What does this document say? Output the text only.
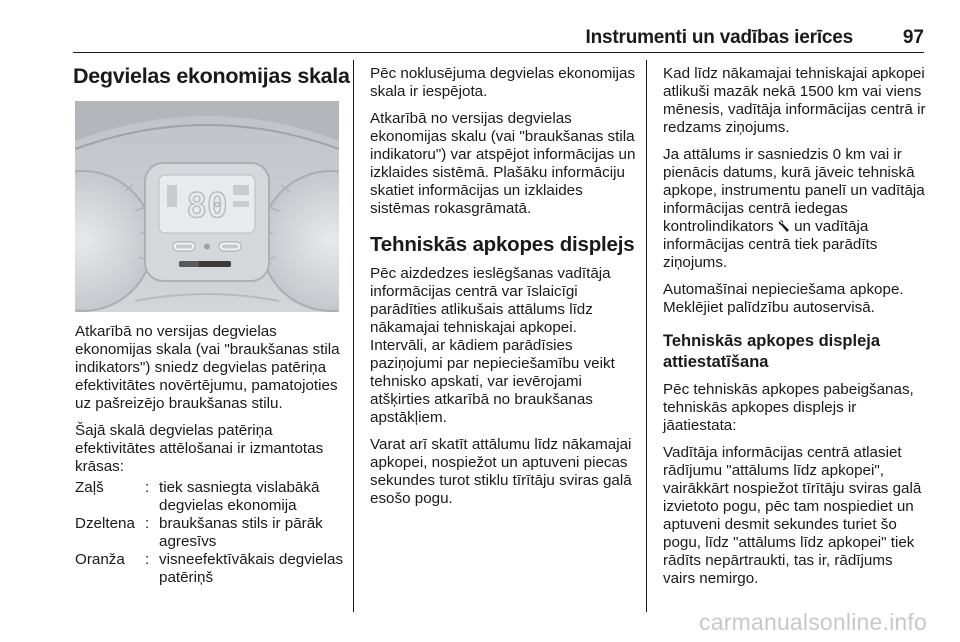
Instrumenti un vadības ierīces	97
Degvielas ekonomijas skala
80

Atkarībā no versijas degvielas ekonomijas skala (vai "braukšanas stila indikators") sniedz degvielas patēriņa efektivitātes novērtējumu, pamatojoties uz pašreizējo braukšanas stilu.

Šajā skalā degvielas patēriņa efektivitātes attēlošanai ir izmantotas krāsas:

Zaļš	: tiek sasniegta vislabākā degvielas ekonomija
Dzeltena : braukšanas stils ir pārāk agresīvs
Oranža	: visneefektīvākais degvielas patēriņš

Pēc noklusējuma degvielas ekonomijas skala ir iespējota.

Atkarībā no versijas degvielas ekonomijas skalu (vai "braukšanas stila indikatoru") var atspējot informācijas un izklaides sistēmā. Plašāku informāciju skatiet informācijas un izklaides sistēmas rokasgrāmatā.

Tehniskās apkopes displejs

Pēc aizdedzes ieslēgšanas vadītāja informācijas centrā var īslaicīgi parādīties atlikušais attālums līdz nākamajai tehniskajai apkopei. Intervāli, ar kādiem parādīsies paziņojumi par nepieciešamību veikt tehnisko apskati, var ievērojami atšķirties atkarībā no braukšanas apstākļiem.

Varat arī skatīt attālumu līdz nākamajai apkopei, nospiežot un aptuveni piecas sekundes turot stiklu tīrītāju sviras galā esošo pogu.

Kad līdz nākamajai tehniskajai apkopei atlikuši mazāk nekā 1500 km vai viens mēnesis, vadītāja informācijas centrā ir redzams ziņojums.

Ja attālums ir sasniedzis 0 km vai ir pienācis datums, kurā jāveic tehniskā apkope, instrumentu panelī un vadītāja informācijas centrā iedegas kontrolindikators un vadītāja informācijas centrā tiek parādīts ziņojums.

Automašīnai nepieciešama apkope. Meklējiet palīdzību autoservisā.

Tehniskās apkopes displeja attiestatīšana

Pēc tehniskās apkopes pabeigšanas, tehniskās apkopes displejs ir jāatiestata:

Vadītāja informācijas centrā atlasiet rādījumu "attālums līdz apkopei", vairākkārt nospiežot tīrītāju sviras galā izvietoto pogu, pēc tam nospiediet un aptuveni desmit sekundes turiet šo pogu, līdz "attālums līdz apkopei" tiek rādīts nepārtraukti, tas ir, rādījums vairs nemirgo.

carmanualsonline.info
